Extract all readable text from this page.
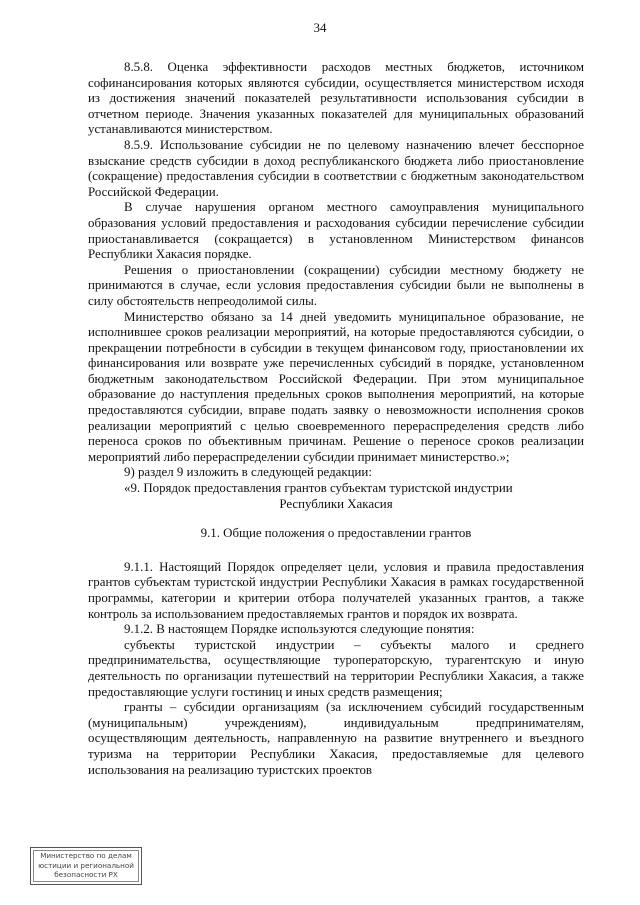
34

8.5.8. Оценка эффективности расходов местных бюджетов, источником софинансирования которых являются субсидии, осуществляется министерством исходя из достижения значений показателей результативности использования субсидии в отчетном периоде. Значения указанных показателей для муниципальных образований устанавливаются министерством.

8.5.9. Использование субсидии не по целевому назначению влечет бесспорное взыскание средств субсидии в доход республиканского бюджета либо приостановление (сокращение) предоставления субсидии в соответствии с бюджетным законодательством Российской Федерации.

В случае нарушения органом местного самоуправления муниципального образования условий предоставления и расходования субсидии перечисление субсидии приостанавливается (сокращается) в установленном Министерством финансов Республики Хакасия порядке.

Решения о приостановлении (сокращении) субсидии местному бюджету не принимаются в случае, если условия предоставления субсидии были не выполнены в силу обстоятельств непреодолимой силы.

Министерство обязано за 14 дней уведомить муниципальное образование, не исполнившее сроков реализации мероприятий, на которые предоставляются субсидии, о прекращении потребности в субсидии в текущем финансовом году, приостановлении их финансирования или возврате уже перечисленных субсидий в порядке, установленном бюджетным законодательством Российской Федерации. При этом муниципальное образование до наступления предельных сроков выполнения мероприятий, на которые предоставляются субсидии, вправе подать заявку о невозможности исполнения сроков реализации мероприятий с целью своевременного перераспределения средств либо переноса сроков по объективным причинам. Решение о переносе сроков реализации мероприятий либо перераспределении субсидии принимает министерство.»;

9) раздел 9 изложить в следующей редакции:

«9. Порядок предоставления грантов субъектам туристской индустрии

Республики Хакасия

9.1. Общие положения о предоставлении грантов

9.1.1. Настоящий Порядок определяет цели, условия и правила предоставления грантов субъектам туристской индустрии Республики Хакасия в рамках государственной программы, категории и критерии отбора получателей указанных грантов, а также контроль за использованием предоставляемых грантов и порядок их возврата.

9.1.2. В настоящем Порядке используются следующие понятия:

субъекты туристской индустрии – субъекты малого и среднего предпринимательства, осуществляющие туроператорскую, турагентскую и иную деятельность по организации путешествий на территории Республики Хакасия, а также предоставляющие услуги гостиниц и иных средств размещения;

гранты – субсидии организациям (за исключением субсидий государственным (муниципальным) учреждениям), индивидуальным предпринимателям, осуществляющим деятельность, направленную на развитие внутреннего и въездного туризма на территории Республики Хакасия, предоставляемые для целевого использования на реализацию туристских проектов

Министерство по делам
юстиции и региональной
безопасности РХ
